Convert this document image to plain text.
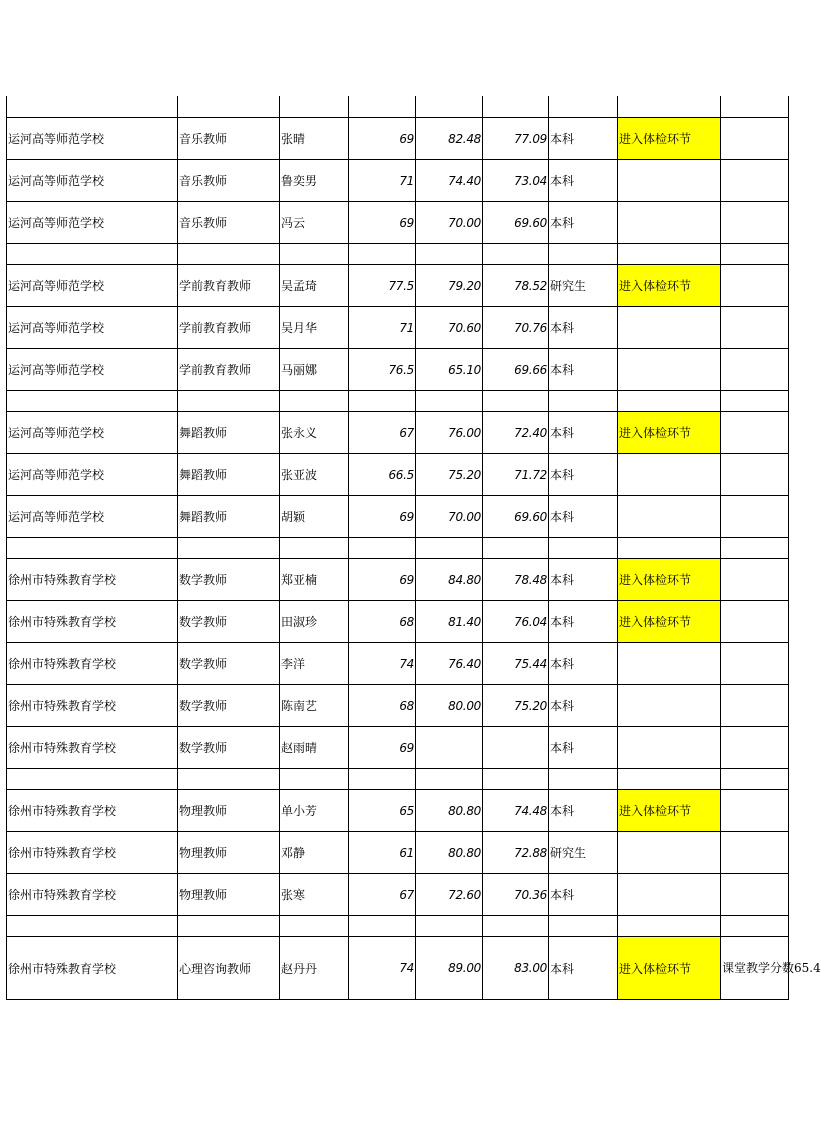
运河高等师范学校	音乐教师	张晴	69	82.48	77.09	本科	进入体检环节	
运河高等师范学校	音乐教师	鲁奕男	71	74.40	73.04	本科		
运河高等师范学校	音乐教师	冯云	69	70.00	69.60	本科		

运河高等师范学校	学前教育教师	吴孟琦	77.5	79.20	78.52	研究生	进入体检环节	
运河高等师范学校	学前教育教师	吴月华	71	70.60	70.76	本科		
运河高等师范学校	学前教育教师	马丽娜	76.5	65.10	69.66	本科		

运河高等师范学校	舞蹈教师	张永义	67	76.00	72.40	本科	进入体检环节	
运河高等师范学校	舞蹈教师	张亚波	66.5	75.20	71.72	本科		
运河高等师范学校	舞蹈教师	胡颖	69	70.00	69.60	本科		

徐州市特殊教育学校	数学教师	郑亚楠	69	84.80	78.48	本科	进入体检环节	
徐州市特殊教育学校	数学教师	田淑珍	68	81.40	76.04	本科	进入体检环节	
徐州市特殊教育学校	数学教师	李洋	74	76.40	75.44	本科		
徐州市特殊教育学校	数学教师	陈南艺	68	80.00	75.20	本科		
徐州市特殊教育学校	数学教师	赵雨晴	69			本科		

徐州市特殊教育学校	物理教师	单小芳	65	80.80	74.48	本科	进入体检环节	
徐州市特殊教育学校	物理教师	邓静	61	80.80	72.88	研究生		
徐州市特殊教育学校	物理教师	张寒	67	72.60	70.36	本科		

徐州市特殊教育学校	心理咨询教师	赵丹丹	74	89.00	83.00	本科	进入体检环节	课堂教学分数65.4
